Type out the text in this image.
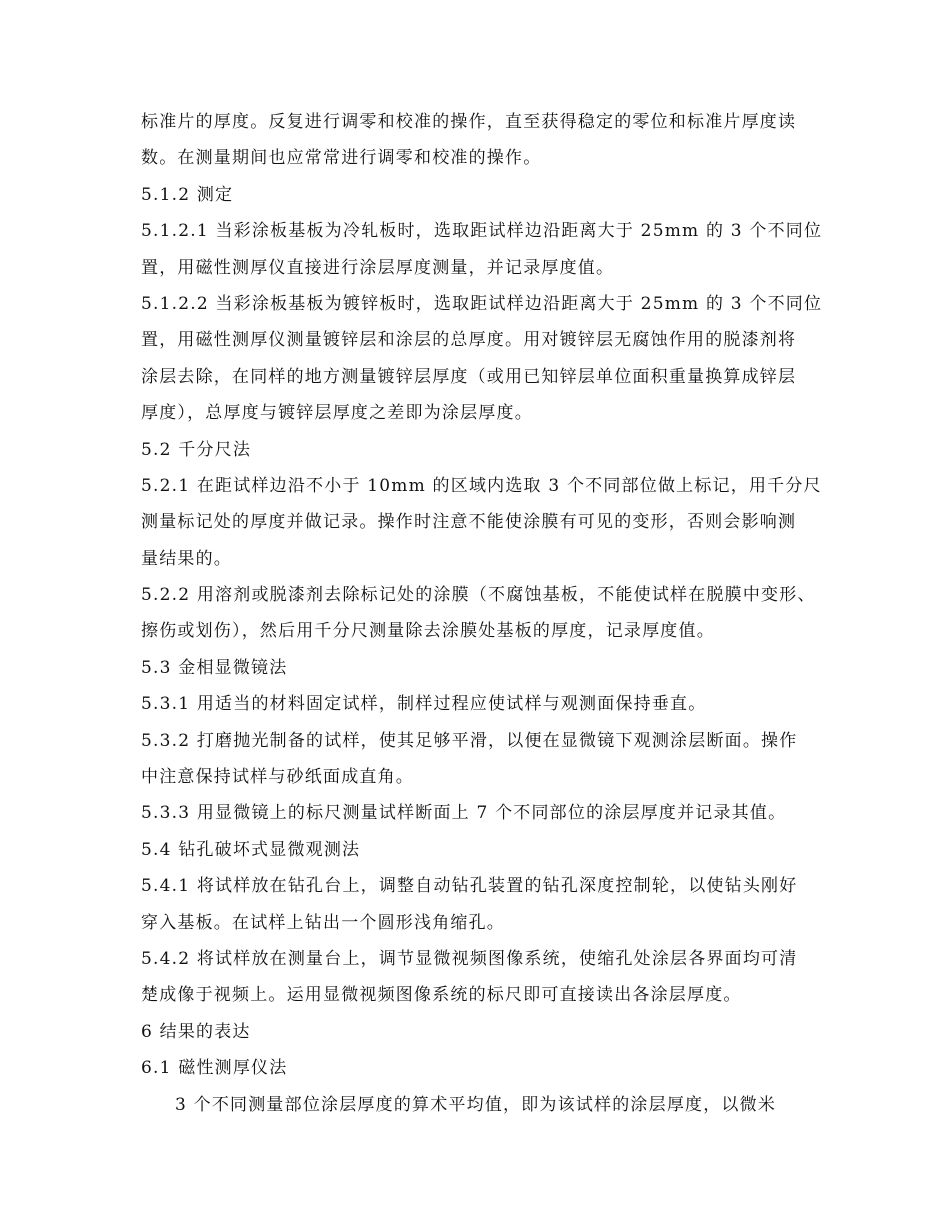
标准片的厚度。反复进行调零和校准的操作，直至获得稳定的零位和标准片厚度读
数。在测量期间也应常常进行调零和校准的操作。
5.1.2 测定
5.1.2.1 当彩涂板基板为冷轧板时，选取距试样边沿距离大于 25mm 的 3 个不同位
置，用磁性测厚仪直接进行涂层厚度测量，并记录厚度值。
5.1.2.2 当彩涂板基板为镀锌板时，选取距试样边沿距离大于 25mm 的 3 个不同位
置，用磁性测厚仪测量镀锌层和涂层的总厚度。用对镀锌层无腐蚀作用的脱漆剂将
涂层去除，在同样的地方测量镀锌层厚度（或用已知锌层单位面积重量换算成锌层
厚度），总厚度与镀锌层厚度之差即为涂层厚度。
5.2 千分尺法
5.2.1 在距试样边沿不小于 10mm 的区域内选取 3 个不同部位做上标记，用千分尺
测量标记处的厚度并做记录。操作时注意不能使涂膜有可见的变形，否则会影响测
量结果的。
5.2.2 用溶剂或脱漆剂去除标记处的涂膜（不腐蚀基板，不能使试样在脱膜中变形、
擦伤或划伤），然后用千分尺测量除去涂膜处基板的厚度，记录厚度值。
5.3 金相显微镜法
5.3.1 用适当的材料固定试样，制样过程应使试样与观测面保持垂直。
5.3.2 打磨抛光制备的试样，使其足够平滑，以便在显微镜下观测涂层断面。操作
中注意保持试样与砂纸面成直角。
5.3.3 用显微镜上的标尺测量试样断面上 7 个不同部位的涂层厚度并记录其值。
5.4 钻孔破坏式显微观测法
5.4.1 将试样放在钻孔台上，调整自动钻孔装置的钻孔深度控制轮，以使钻头刚好
穿入基板。在试样上钻出一个圆形浅角缩孔。
5.4.2 将试样放在测量台上，调节显微视频图像系统，使缩孔处涂层各界面均可清
楚成像于视频上。运用显微视频图像系统的标尺即可直接读出各涂层厚度。
6 结果的表达
6.1 磁性测厚仪法
3 个不同测量部位涂层厚度的算术平均值，即为该试样的涂层厚度，以微米
